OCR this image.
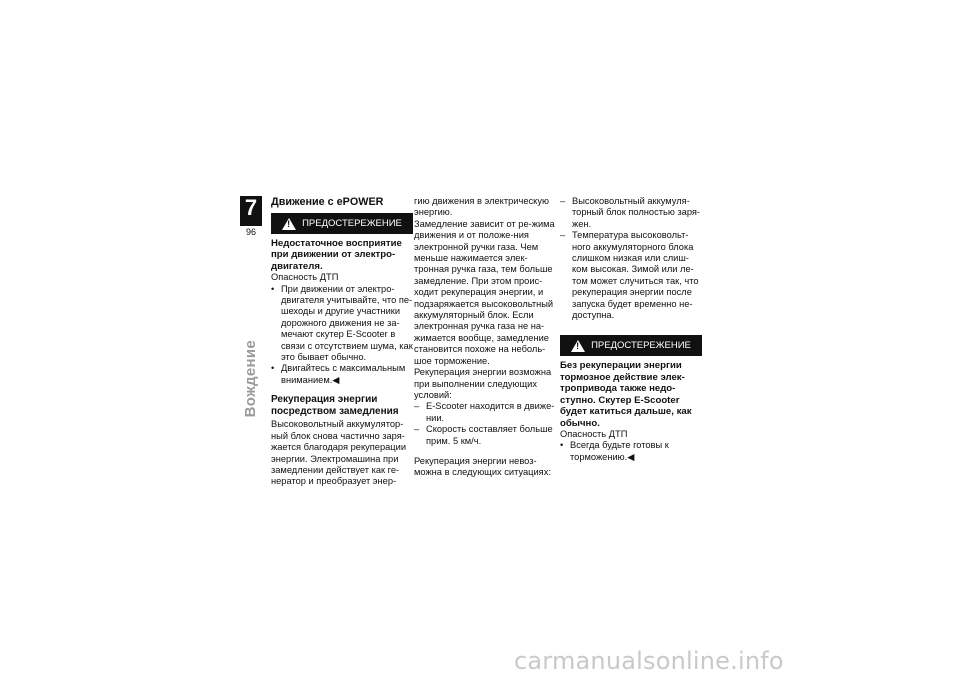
7
96
Вождение
Движение с ePOWER
!
ПРЕДОСТЕРЕЖЕНИЕ

Недостаточное восприятие при движении от электро-двигателя.

Опасность ДТП

• При движении от электро-двигателя учитывайте, что пе-шеходы и другие участники дорожного движения не за-мечают скутер E-Scooter в связи с отсутствием шума, как это бывает обычно.
• Двигайтесь с максимальным вниманием.◀
Рекуперация энергии посредством замедления

Высоковольтный аккумулятор-ный блок снова частично заря-жается благодаря рекуперации энергии. Электромашина при замедлении действует как ге-нератор и преобразует энер-

гию движения в электрическую энергию.

Замедление зависит от ре-жима движения и от положе-ния электронной ручки газа. Чем меньше нажимается элек-тронная ручка газа, тем больше замедление. При этом проис-ходит рекуперация энергии, и подзаряжается высоковольтный аккумуляторный блок. Если электронная ручка газа не на-жимается вообще, замедление становится похоже на неболь-шое торможение.

Рекуперация энергии возможна при выполнении следующих условий:

– E-Scooter находится в движе-нии.
– Скорость составляет больше прим. 5 км/ч.

Рекуперация энергии невоз-можна в следующих ситуациях:

– Высоковольтный аккумуля-торный блок полностью заря-жен.
– Температура высоковольт-ного аккумуляторного блока слишком низкая или слиш-ком высокая. Зимой или ле-том может случиться так, что рекуперация энергии после запуска будет временно не-доступна.
!
ПРЕДОСТЕРЕЖЕНИЕ

Без рекуперации энергии тормозное действие элек-тропривода также недо-ступно. Скутер E-Scooter будет катиться дальше, как обычно.

Опасность ДТП

• Всегда будьте готовы к торможению.◀
carmanualsonline.info
